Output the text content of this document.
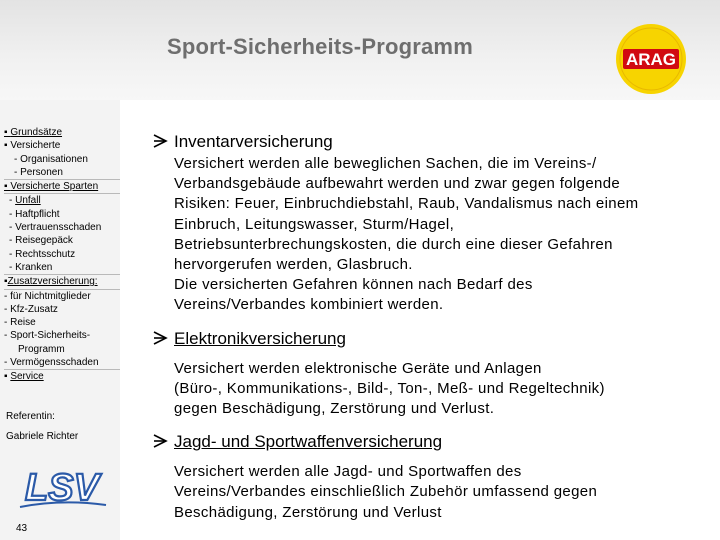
Sport-Sicherheits-Programm
ARAG
▪ Grundsätze
▪ Versicherte
- Organisationen
- Personen
▪ Versicherte Sparten
- Unfall
- Haftpflicht
- Vertrauensschaden
- Reisegepäck
- Rechtsschutz
- Kranken
▪Zusatzversicherung:
- für Nichtmitglieder
- Kfz-Zusatz
- Reise
- Sport-Sicherheits-
Programm
- Vermögensschaden
▪ Service
Referentin:
Gabriele Richter
LSV
43
Inventarversicherung
Versichert werden alle beweglichen Sachen, die im Vereins-/
Verbandsgebäude aufbewahrt werden und zwar gegen folgende
Risiken: Feuer, Einbruchdiebstahl, Raub, Vandalismus nach einem
Einbruch, Leitungswasser, Sturm/Hagel,
Betriebsunterbrechungskosten, die durch eine dieser Gefahren
hervorgerufen werden, Glasbruch.
Die versicherten Gefahren können nach Bedarf des
Vereins/Verbandes kombiniert werden.
Elektronikversicherung
Versichert werden elektronische Geräte und Anlagen
(Büro-, Kommunikations-, Bild-, Ton-, Meß- und Regeltechnik)
gegen Beschädigung, Zerstörung und Verlust.
Jagd- und Sportwaffenversicherung
Versichert werden alle Jagd- und Sportwaffen des
Vereins/Verbandes einschließlich Zubehör umfassend gegen
Beschädigung, Zerstörung und Verlust
